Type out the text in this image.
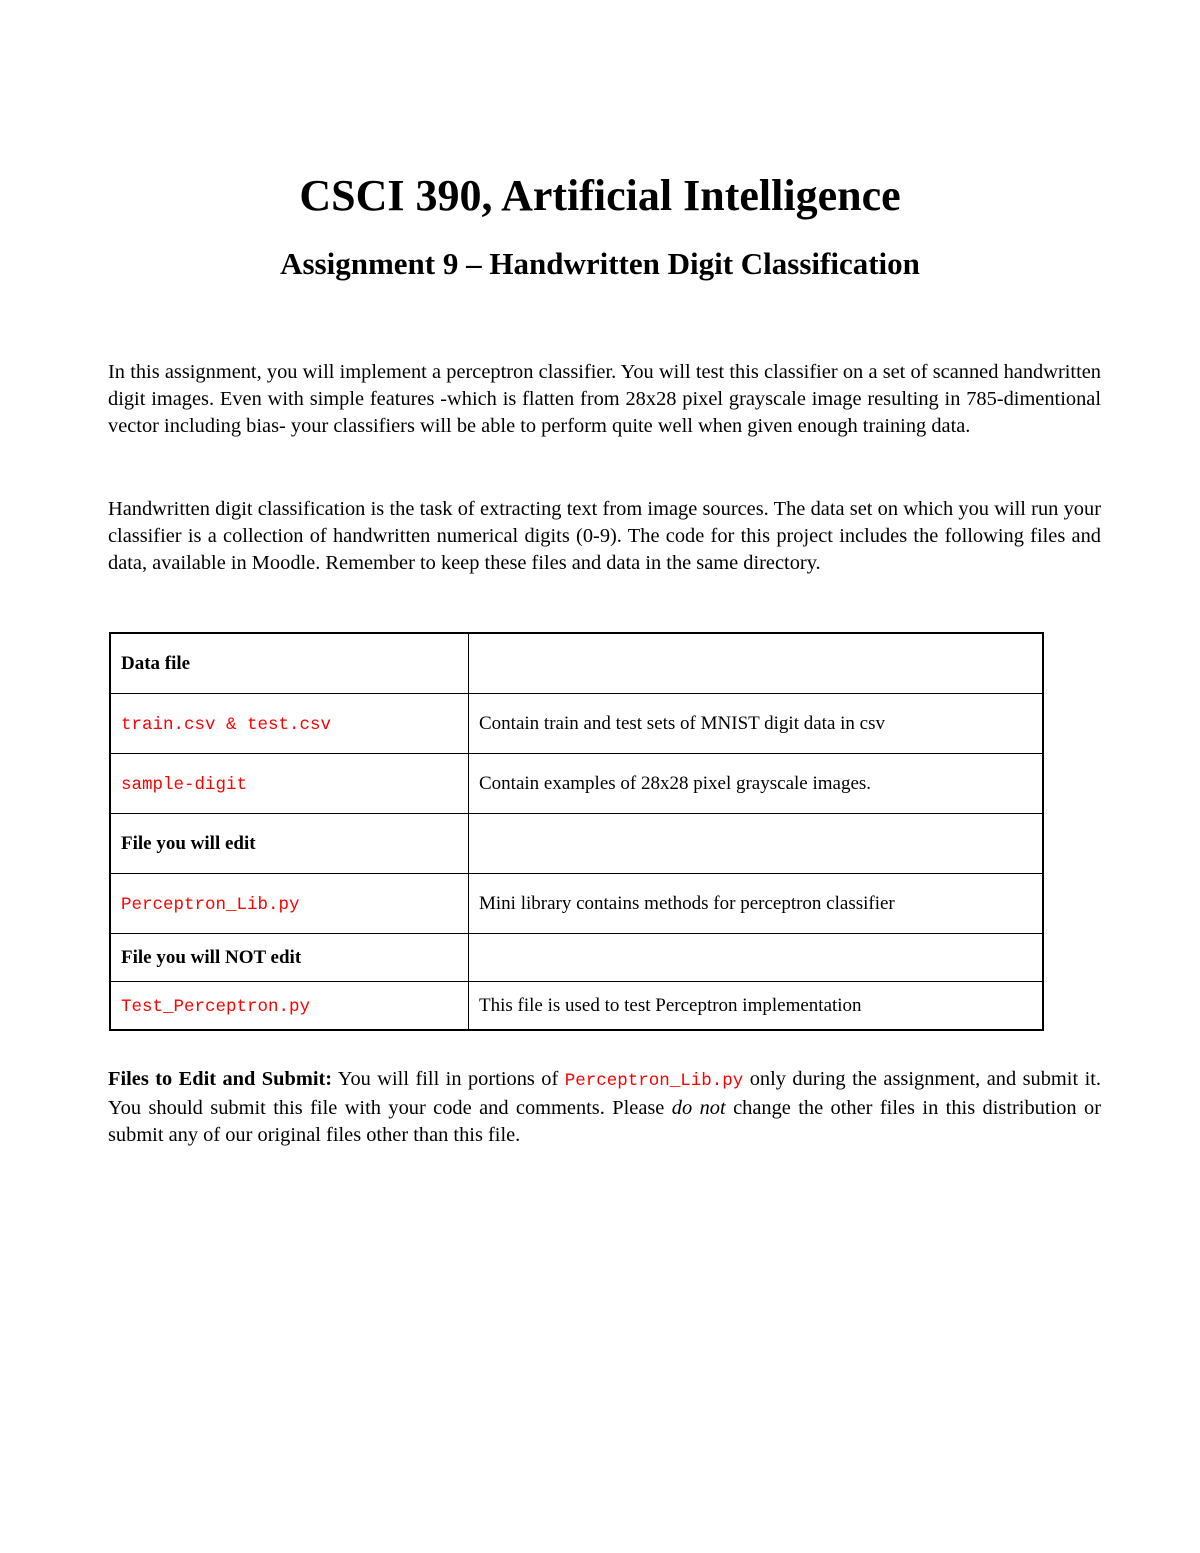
CSCI 390, Artificial Intelligence
Assignment 9 – Handwritten Digit Classification

In this assignment, you will implement a perceptron classifier. You will test this classifier on a set of scanned handwritten digit images. Even with simple features -which is flatten from 28x28 pixel grayscale image resulting in 785-dimentional vector including bias- your classifiers will be able to perform quite well when given enough training data.

Handwritten digit classification is the task of extracting text from image sources. The data set on which you will run your classifier is a collection of handwritten numerical digits (0-9). The code for this project includes the following files and data, available in Moodle. Remember to keep these files and data in the same directory.

Data file	
train.csv & test.csv	Contain train and test sets of MNIST digit data in csv
sample-digit	Contain examples of 28x28 pixel grayscale images.
File you will edit	
Perceptron_Lib.py	Mini library contains methods for perceptron classifier
File you will NOT edit	
Test_Perceptron.py	This file is used to test Perceptron implementation

Files to Edit and Submit: You will fill in portions of Perceptron_Lib.py only during the assignment, and submit it. You should submit this file with your code and comments. Please do not change the other files in this distribution or submit any of our original files other than this file.
